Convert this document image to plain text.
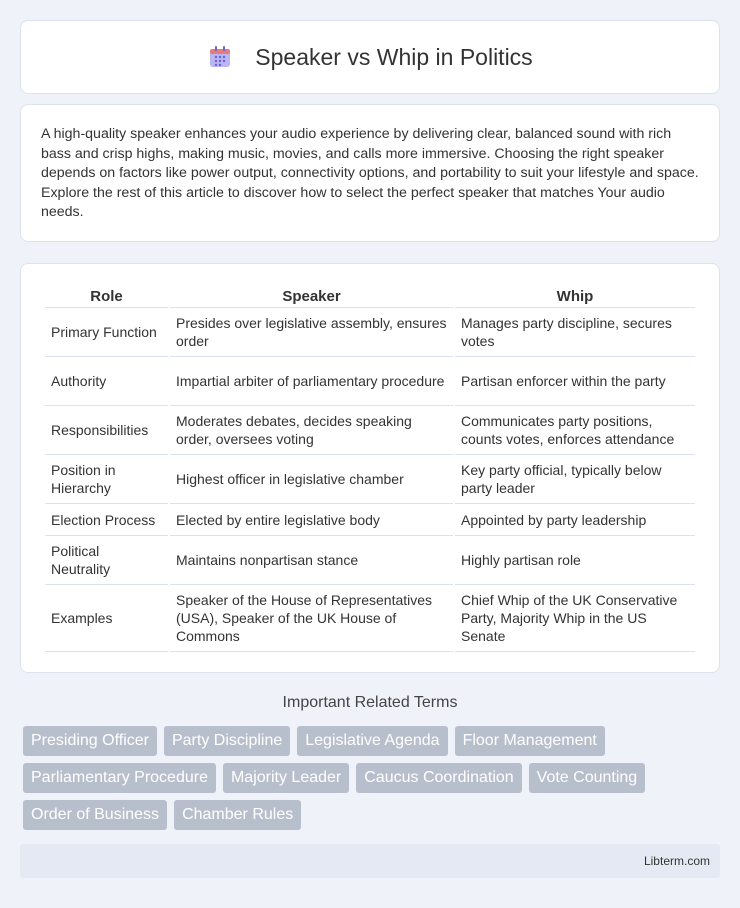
Speaker vs Whip in Politics

A high-quality speaker enhances your audio experience by delivering clear, balanced sound with rich bass and crisp highs, making music, movies, and calls more immersive. Choosing the right speaker depends on factors like power output, connectivity options, and portability to suit your lifestyle and space. Explore the rest of this article to discover how to select the perfect speaker that matches Your audio needs.

Role	Speaker	Whip
Primary Function	Presides over legislative assembly, ensures order	Manages party discipline, secures votes
Authority	Impartial arbiter of parliamentary procedure	Partisan enforcer within the party
Responsibilities	Moderates debates, decides speaking order, oversees voting	Communicates party positions, counts votes, enforces attendance
Position in Hierarchy	Highest officer in legislative chamber	Key party official, typically below party leader
Election Process	Elected by entire legislative body	Appointed by party leadership
Political Neutrality	Maintains nonpartisan stance	Highly partisan role
Examples	Speaker of the House of Representatives (USA), Speaker of the UK House of Commons	Chief Whip of the UK Conservative Party, Majority Whip in the US Senate
Important Related Terms
Presiding Officer	Party Discipline	Legislative Agenda	Floor Management
Parliamentary Procedure	Majority Leader	Caucus Coordination	Vote Counting
Order of Business	Chamber Rules
Libterm.com
